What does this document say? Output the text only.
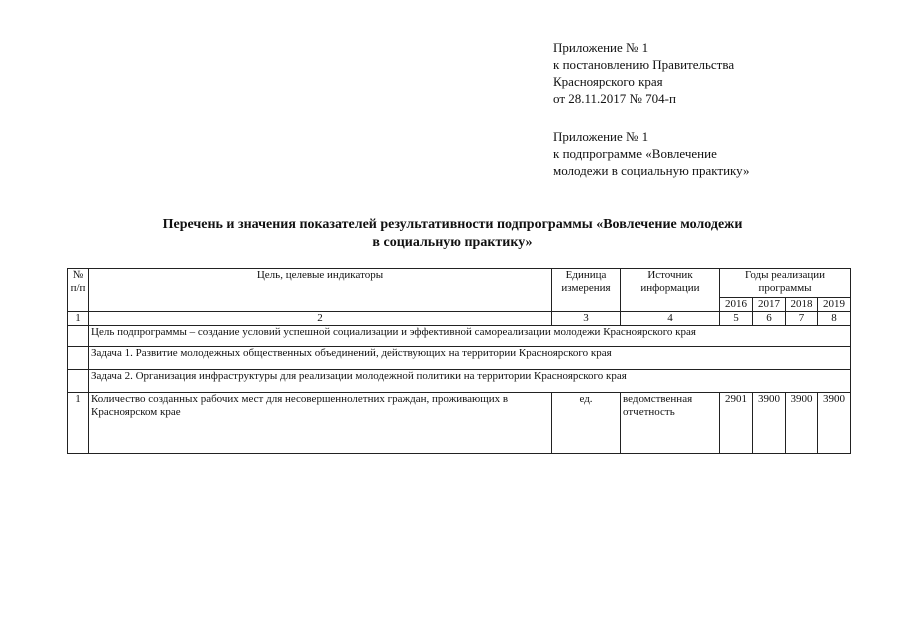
Приложение № 1
к постановлению Правительства
Красноярского края
от 28.11.2017 № 704-п
Приложение № 1
к подпрограмме «Вовлечение
молодежи в социальную практику»
Перечень и значения показателей результативности подпрограммы «Вовлечение молодежи
в социальную практику»
№ п/п	Цель, целевые индикаторы	Единица измерения	Источник информации	Годы реализации программы			
				2016	2017	2018	2019
1	2	3	4	5	6	7	8
	Цель подпрограммы – создание условий успешной социализации и эффективной самореализации молодежи Красноярского края						
	Задача 1. Развитие молодежных общественных объединений, действующих на территории Красноярского края						
	Задача 2. Организация инфраструктуры для реализации молодежной политики на территории Красноярского края						
1	Количество созданных рабочих мест для несовершеннолетних граждан, проживающих в Красноярском крае	ед.	ведомственная отчетность	2901	3900	3900	3900
